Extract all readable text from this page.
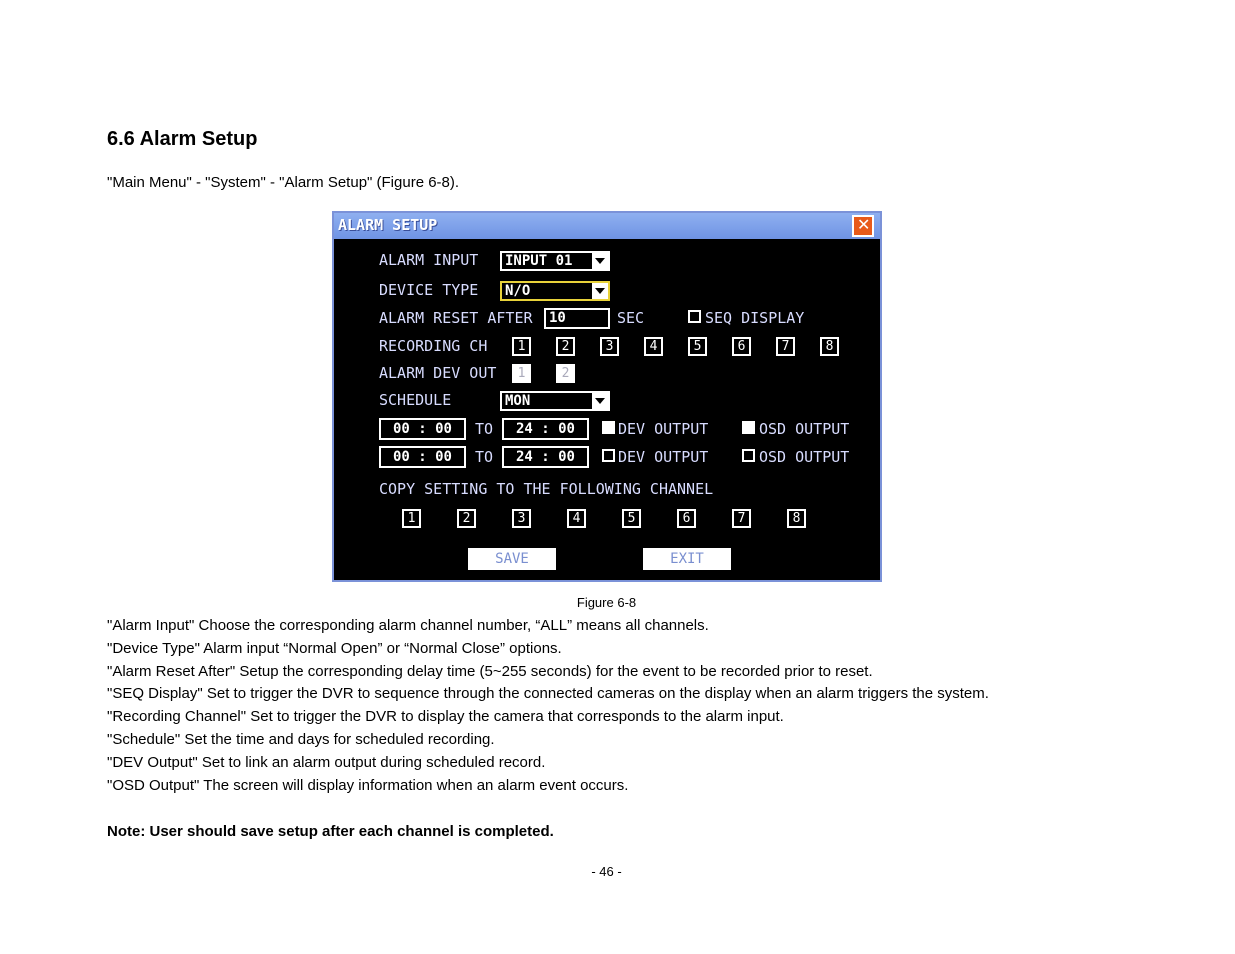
6.6 Alarm Setup
"Main Menu" - "System" - "Alarm Setup" (Figure 6-8).
ALARM SETUP	✕
ALARM INPUT INPUT 01
DEVICE TYPE N/O
ALARM RESET AFTER 10	SEC	SEQ DISPLAY
RECORDING CH	1	2	3	4	5	6	7	8
ALARM DEV OUT	1	2
SCHEDULE	MON
00 : 00	TO	24 : 00	DEV OUTPUT	OSD OUTPUT
00 : 00	TO	24 : 00	DEV OUTPUT	OSD OUTPUT
COPY SETTING TO THE FOLLOWING CHANNEL
1	2	3	4	5	6	7	8
SAVE	EXIT
Figure 6-8
"Alarm Input" Choose the corresponding alarm channel number, “ALL” means all channels.
"Device Type" Alarm input “Normal Open” or “Normal Close” options.
"Alarm Reset After" Setup the corresponding delay time (5~255 seconds) for the event to be recorded prior to reset.
"SEQ Display" Set to trigger the DVR to sequence through the connected cameras on the display when an alarm triggers the system.
"Recording Channel" Set to trigger the DVR to display the camera that corresponds to the alarm input.
"Schedule" Set the time and days for scheduled recording.
"DEV Output" Set to link an alarm output during scheduled record.
"OSD Output" The screen will display information when an alarm event occurs.
Note: User should save setup after each channel is completed.
- 46 -
